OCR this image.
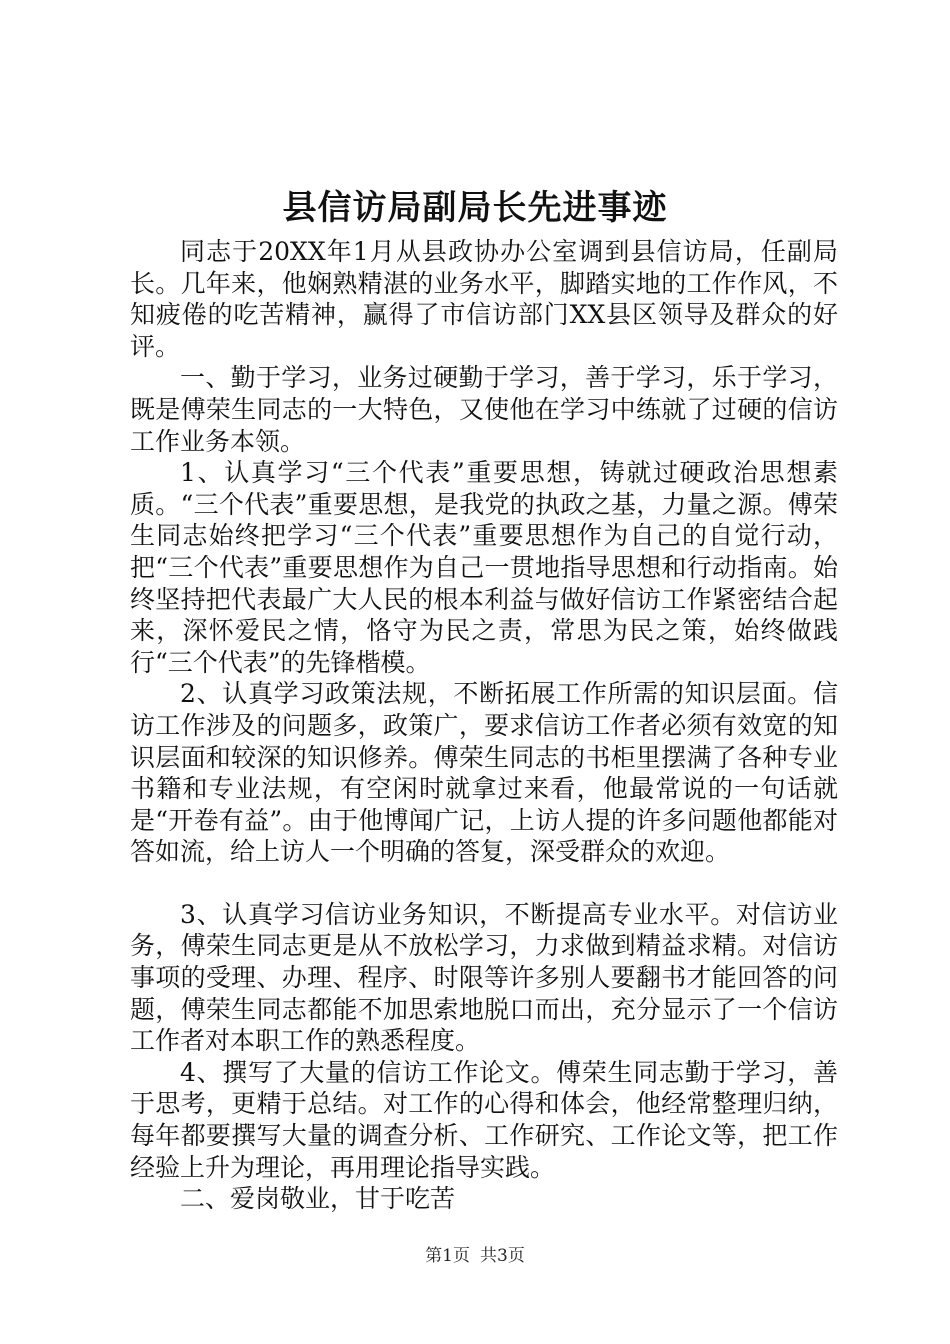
县信访局副局长先进事迹

同志于20XX年1月从县政协办公室调到县信访局，任副局长。几年来，他娴熟精湛的业务水平，脚踏实地的工作作风，不知疲倦的吃苦精神，赢得了市信访部门XX县区领导及群众的好评。

一、勤于学习，业务过硬勤于学习，善于学习，乐于学习，既是傅荣生同志的一大特色，又使他在学习中练就了过硬的信访工作业务本领。

1、认真学习“三个代表”重要思想，铸就过硬政治思想素质。“三个代表”重要思想，是我党的执政之基，力量之源。傅荣生同志始终把学习“三个代表”重要思想作为自己的自觉行动，把“三个代表”重要思想作为自己一贯地指导思想和行动指南。始终坚持把代表最广大人民的根本利益与做好信访工作紧密结合起来，深怀爱民之情，恪守为民之责，常思为民之策，始终做践行“三个代表”的先锋楷模。

2、认真学习政策法规，不断拓展工作所需的知识层面。信访工作涉及的问题多，政策广，要求信访工作者必须有效宽的知识层面和较深的知识修养。傅荣生同志的书柜里摆满了各种专业书籍和专业法规，有空闲时就拿过来看，他最常说的一句话就是“开卷有益”。由于他博闻广记，上访人提的许多问题他都能对答如流，给上访人一个明确的答复，深受群众的欢迎。

3、认真学习信访业务知识，不断提高专业水平。对信访业务，傅荣生同志更是从不放松学习，力求做到精益求精。对信访事项的受理、办理、程序、时限等许多别人要翻书才能回答的问题，傅荣生同志都能不加思索地脱口而出，充分显示了一个信访工作者对本职工作的熟悉程度。

4、撰写了大量的信访工作论文。傅荣生同志勤于学习，善于思考，更精于总结。对工作的心得和体会，他经常整理归纳，每年都要撰写大量的调查分析、工作研究、工作论文等，把工作经验上升为理论，再用理论指导实践。

二、爱岗敬业，甘于吃苦

第1页 共3页
